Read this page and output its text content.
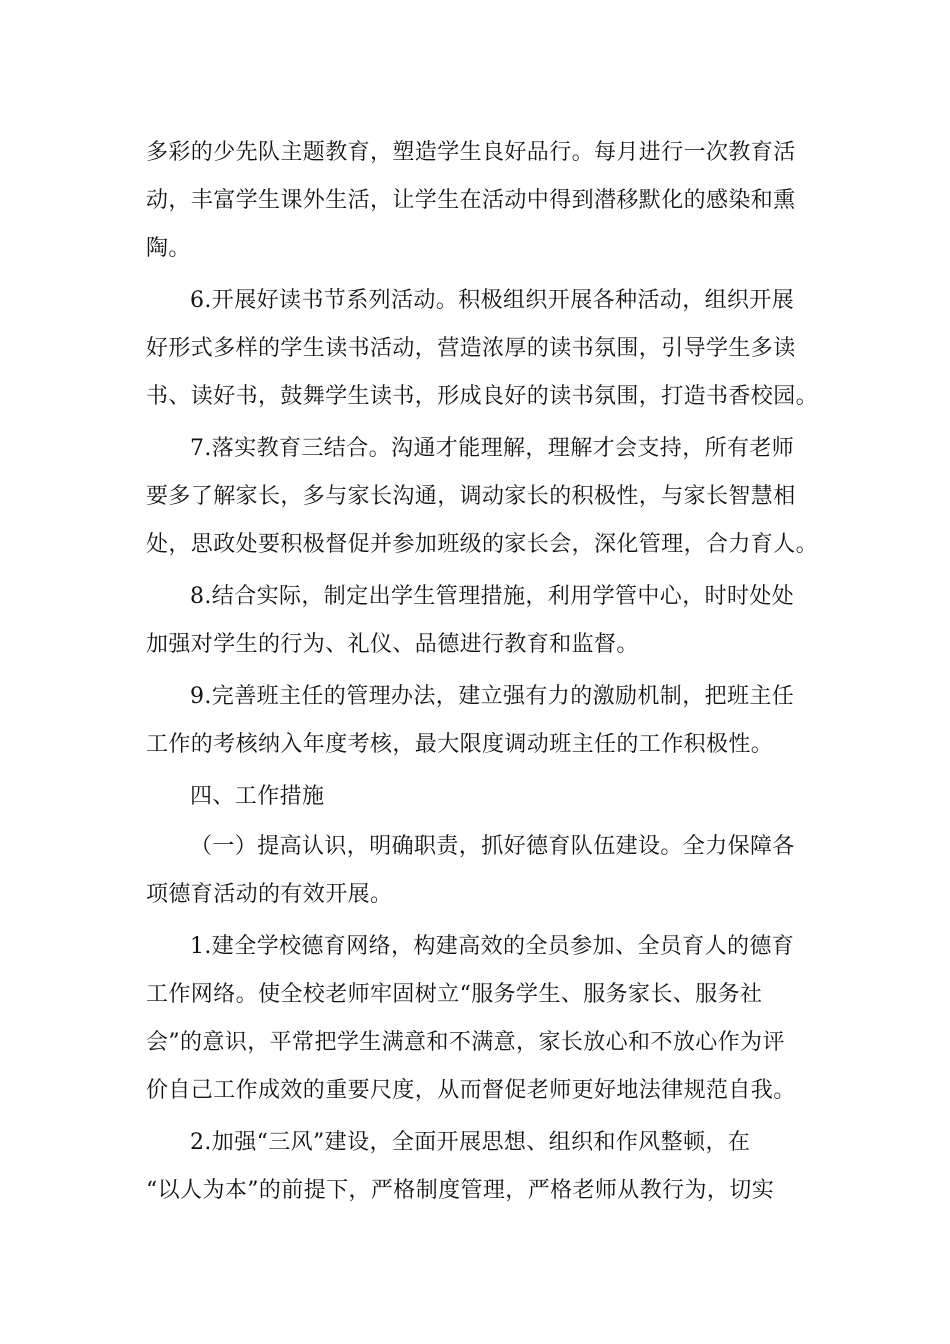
多彩的少先队主题教育，塑造学生良好品行。每月进行一次教育活
动，丰富学生课外生活，让学生在活动中得到潜移默化的感染和熏
陶。
6.开展好读书节系列活动。积极组织开展各种活动，组织开展
好形式多样的学生读书活动，营造浓厚的读书氛围，引导学生多读
书、读好书，鼓舞学生读书，形成良好的读书氛围，打造书香校园。
7.落实教育三结合。沟通才能理解，理解才会支持，所有老师
要多了解家长，多与家长沟通，调动家长的积极性，与家长智慧相
处，思政处要积极督促并参加班级的家长会，深化管理，合力育人。
8.结合实际，制定出学生管理措施，利用学管中心，时时处处
加强对学生的行为、礼仪、品德进行教育和监督。
9.完善班主任的管理办法，建立强有力的激励机制，把班主任
工作的考核纳入年度考核，最大限度调动班主任的工作积极性。
四、工作措施
（一）提高认识，明确职责，抓好德育队伍建设。全力保障各
项德育活动的有效开展。
1.建全学校德育网络，构建高效的全员参加、全员育人的德育
工作网络。使全校老师牢固树立“服务学生、服务家长、服务社
会”的意识，平常把学生满意和不满意，家长放心和不放心作为评
价自己工作成效的重要尺度，从而督促老师更好地法律规范自我。
2.加强“三风”建设，全面开展思想、组织和作风整顿，在
“以人为本”的前提下，严格制度管理，严格老师从教行为，切实
